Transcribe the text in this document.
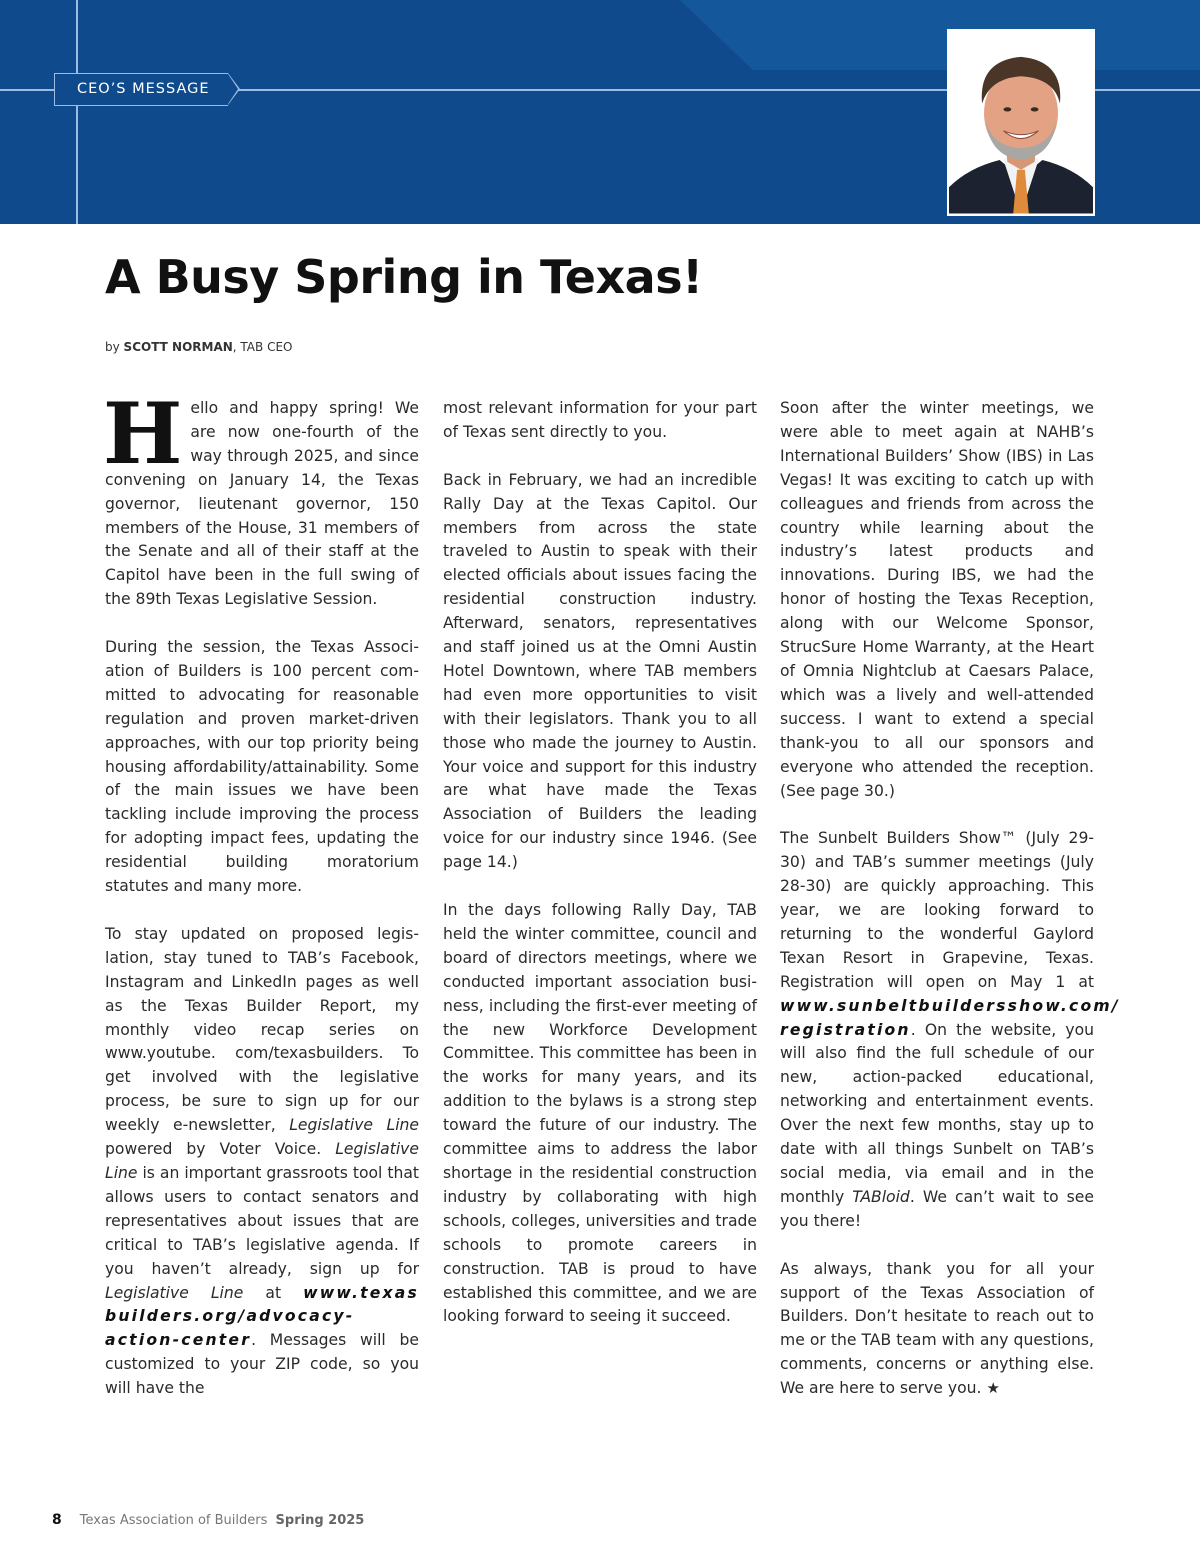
CEO’S MESSAGE
A Busy Spring in Texas!
by SCOTT NORMAN, TAB CEO

Hello and happy spring! We are now one-fourth of the way through 2025, and since convening on January 14, the Texas governor, lieutenant governor, 150 members of the House, 31 members of the Senate and all of their staff at the Capitol have been in the full swing of the 89th Texas Legislative Session.

During the session, the Texas Association of Builders is 100 percent committed to advocating for reasonable regulation and proven market-driven approaches, with our top priority being housing affordability/attainability. Some of the main issues we have been tackling include improving the process for adopting impact fees, updating the residential building moratorium statutes and many more.

To stay updated on proposed legislation, stay tuned to TAB’s Facebook, Instagram and LinkedIn pages as well as the Texas Builder Report, my monthly video recap series on www.youtube. com/texasbuilders. To get involved with the legislative process, be sure to sign up for our weekly e-newsletter, Legislative Line powered by Voter Voice. Legislative Line is an important grassroots tool that allows users to contact senators and representatives about issues that are critical to TAB’s legislative agenda. If you haven’t already, sign up for Legislative Line at www.texas builders.org/advocacy-action-center. Messages will be customized to your ZIP code, so you will have the

most relevant information for your part of Texas sent directly to you.

Back in February, we had an incredible Rally Day at the Texas Capitol. Our members from across the state traveled to Austin to speak with their elected officials about issues facing the residential construction industry. Afterward, senators, representatives and staff joined us at the Omni Austin Hotel Downtown, where TAB members had even more opportunities to visit with their legislators. Thank you to all those who made the journey to Austin. Your voice and support for this industry are what have made the Texas Association of Builders the leading voice for our industry since 1946. (See page 14.)

In the days following Rally Day, TAB held the winter committee, council and board of directors meetings, where we conducted important association business, including the first-ever meeting of the new Workforce Development Committee. This committee has been in the works for many years, and its addition to the bylaws is a strong step toward the future of our industry. The committee aims to address the labor shortage in the residential construction industry by collaborating with high schools, colleges, universities and trade schools to promote careers in construction. TAB is proud to have established this committee, and we are looking forward to seeing it succeed.

Soon after the winter meetings, we were able to meet again at NAHB’s International Builders’ Show (IBS) in Las Vegas! It was exciting to catch up with colleagues and friends from across the country while learning about the industry’s latest products and innovations. During IBS, we had the honor of hosting the Texas Reception, along with our Welcome Sponsor, StrucSure Home Warranty, at the Heart of Omnia Nightclub at Caesars Palace, which was a lively and well-attended success. I want to extend a special thank-you to all our sponsors and everyone who attended the reception. (See page 30.)

The Sunbelt Builders Show™ (July 29-30) and TAB’s summer meetings (July 28-30) are quickly approaching. This year, we are looking forward to returning to the wonderful Gaylord Texan Resort in Grapevine, Texas. Registration will open on May 1 at www.sunbeltbuildersshow.com/ registration. On the website, you will also find the full schedule of our new, action-packed educational, networking and entertainment events. Over the next few months, stay up to date with all things Sunbelt on TAB’s social media, via email and in the monthly TABloid. We can’t wait to see you there!

As always, thank you for all your support of the Texas Association of Builders. Don’t hesitate to reach out to me or the TAB team with any questions, comments, concerns or anything else. We are here to serve you. ★

8 Texas Association of Builders Spring 2025
